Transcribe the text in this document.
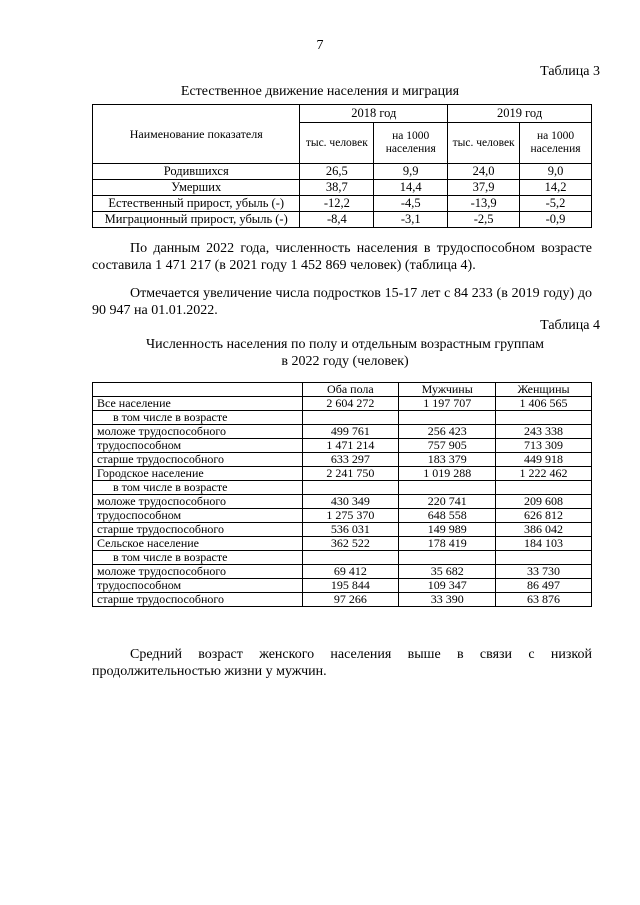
7
Таблица 3
Естественное движение населения и миграция
Наименование показателя	2018 год		2019 год	
	тыс. человек	на 1000 населения	тыс. человек	на 1000 населения
Родившихся	26,5	9,9	24,0	9,0
Умерших	38,7	14,4	37,9	14,2
Естественный прирост, убыль (-)	-12,2	-4,5	-13,9	-5,2
Миграционный прирост, убыль (-)	-8,4	-3,1	-2,5	-0,9
По данным 2022 года, численность населения в трудоспособном возрасте составила 1 471 217 (в 2021 году 1 452 869 человек) (таблица 4).
Отмечается увеличение числа подростков 15-17 лет с 84 233 (в 2019 году) до 90 947 на 01.01.2022.
Таблица 4
Численность населения по полу и отдельным возрастным группам
в 2022 году (человек)
	Оба пола	Мужчины	Женщины
Все население	2 604 272	1 197 707	1 406 565
в том числе в возрасте			
моложе трудоспособного	499 761	256 423	243 338
трудоспособном	1 471 214	757 905	713 309
старше трудоспособного	633 297	183 379	449 918
Городское население	2 241 750	1 019 288	1 222 462
в том числе в возрасте			
моложе трудоспособного	430 349	220 741	209 608
трудоспособном	1 275 370	648 558	626 812
старше трудоспособного	536 031	149 989	386 042
Сельское население	362 522	178 419	184 103
в том числе в возрасте			
моложе трудоспособного	69 412	35 682	33 730
трудоспособном	195 844	109 347	86 497
старше трудоспособного	97 266	33 390	63 876
Средний возраст женского населения выше в связи с низкой продолжительностью жизни у мужчин.
